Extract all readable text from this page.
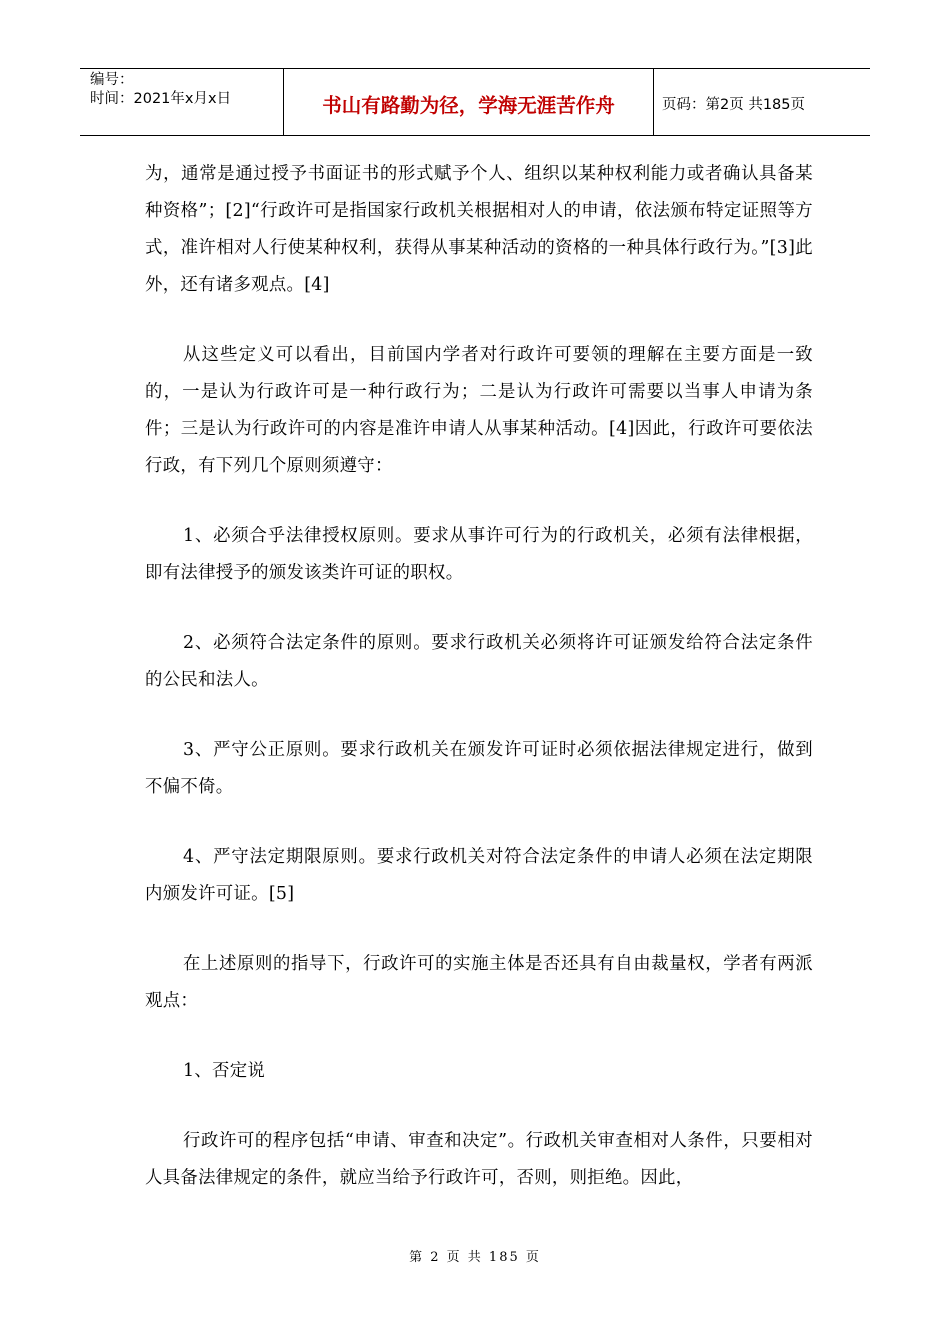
编号：
时间：2021年x月x日	书山有路勤为径，学海无涯苦作舟	页码：第2页 共185页

为，通常是通过授予书面证书的形式赋予个人、组织以某种权利能力或者确认具备某种资格”；[2]“行政许可是指国家行政机关根据相对人的申请，依法颁布特定证照等方式，准许相对人行使某种权利，获得从事某种活动的资格的一种具体行政行为。”[3]此外，还有诸多观点。[4]

从这些定义可以看出，目前国内学者对行政许可要领的理解在主要方面是一致的，一是认为行政许可是一种行政行为；二是认为行政许可需要以当事人申请为条件；三是认为行政许可的内容是准许申请人从事某种活动。[4]因此，行政许可要依法行政，有下列几个原则须遵守：

1、必须合乎法律授权原则。要求从事许可行为的行政机关，必须有法律根据，即有法律授予的颁发该类许可证的职权。

2、必须符合法定条件的原则。要求行政机关必须将许可证颁发给符合法定条件的公民和法人。

3、严守公正原则。要求行政机关在颁发许可证时必须依据法律规定进行，做到不偏不倚。

4、严守法定期限原则。要求行政机关对符合法定条件的申请人必须在法定期限内颁发许可证。[5]

在上述原则的指导下，行政许可的实施主体是否还具有自由裁量权，学者有两派观点：

1、否定说

行政许可的程序包括“申请、审查和决定”。行政机关审查相对人条件，只要相对人具备法律规定的条件，就应当给予行政许可，否则，则拒绝。因此，

第 2 页 共 185 页
